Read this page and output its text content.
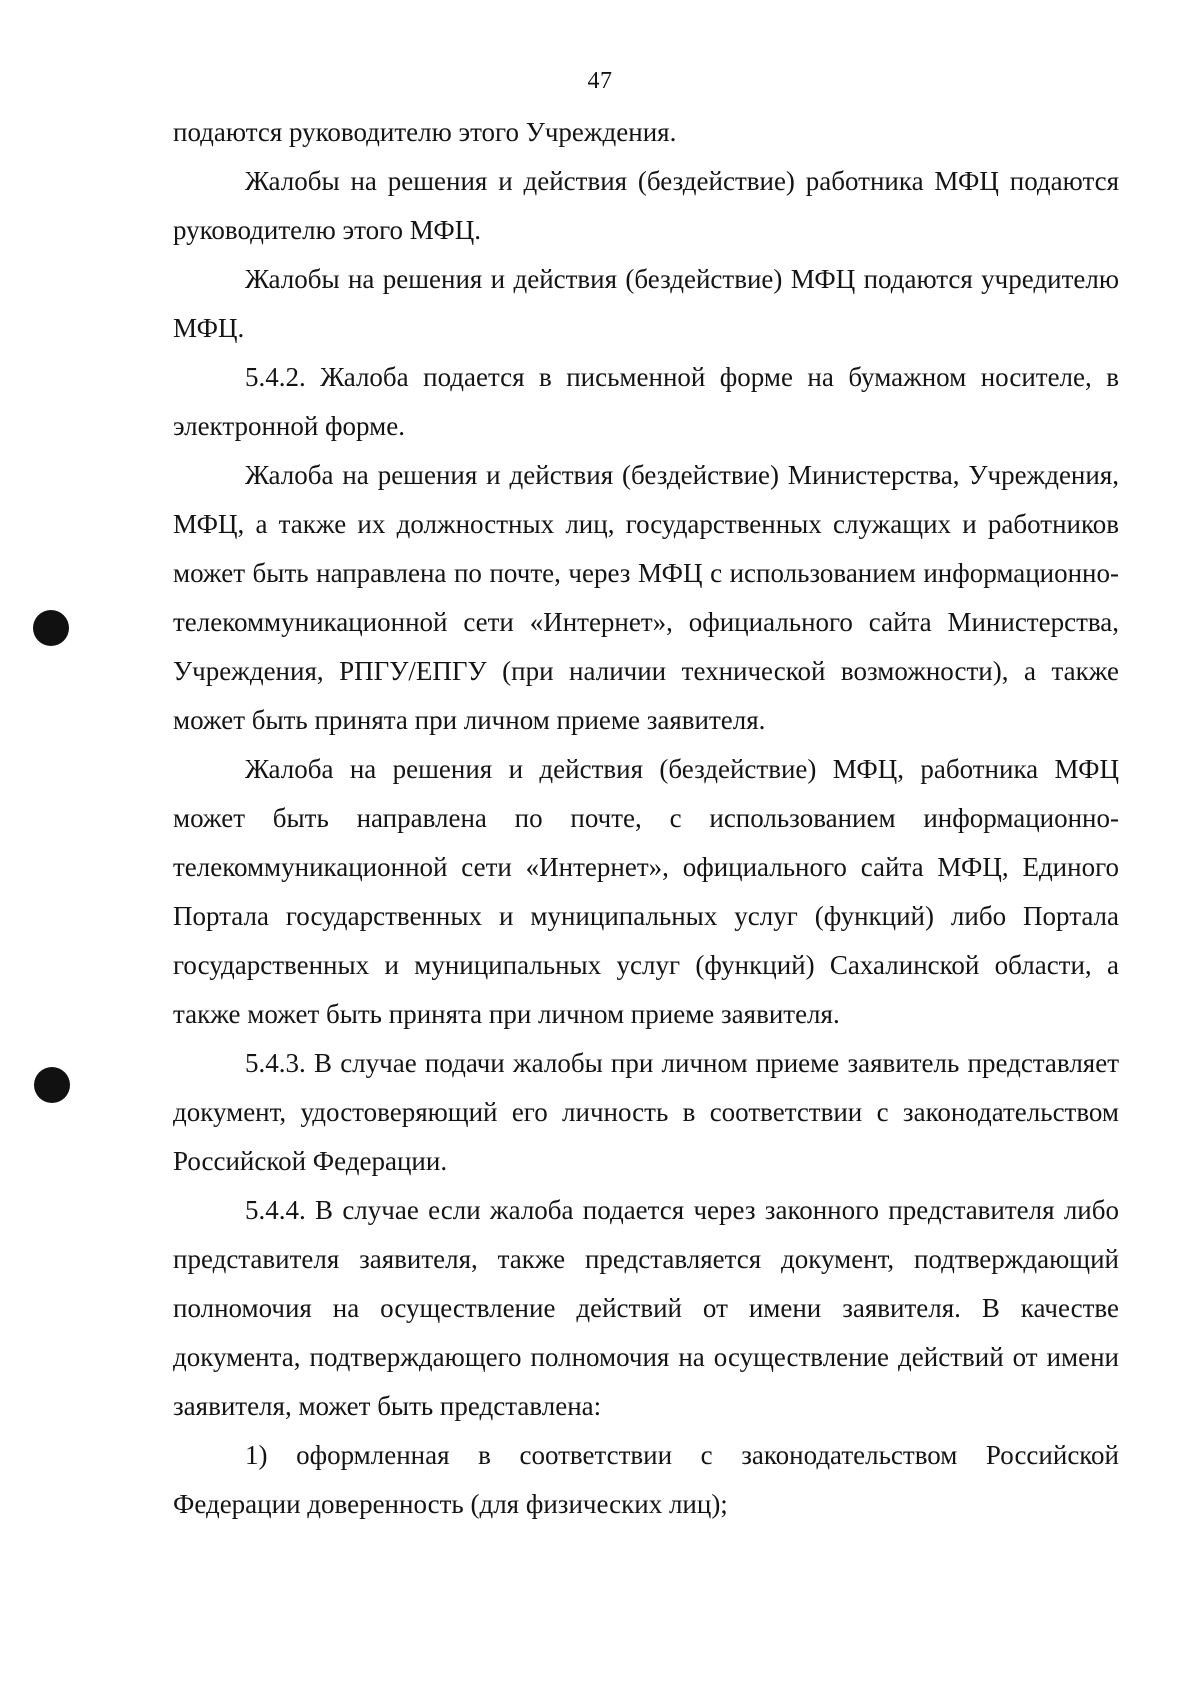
47

подаются руководителю этого Учреждения.

Жалобы на решения и действия (бездействие) работника МФЦ подаются руководителю этого МФЦ.

Жалобы на решения и действия (бездействие) МФЦ подаются учредителю МФЦ.

5.4.2. Жалоба подается в письменной форме на бумажном носителе, в электронной форме.

Жалоба на решения и действия (бездействие) Министерства, Учреждения, МФЦ, а также их должностных лиц, государственных служащих и работников может быть направлена по почте, через МФЦ с использованием информационно-телекоммуникационной сети «Интернет», официального сайта Министерства, Учреждения, РПГУ/ЕПГУ (при наличии технической возможности), а также может быть принята при личном приеме заявителя.

Жалоба на решения и действия (бездействие) МФЦ, работника МФЦ может быть направлена по почте, с использованием информационно-телекоммуникационной сети «Интернет», официального сайта МФЦ, Единого Портала государственных и муниципальных услуг (функций) либо Портала государственных и муниципальных услуг (функций) Сахалинской области, а также может быть принята при личном приеме заявителя.

5.4.3. В случае подачи жалобы при личном приеме заявитель представляет документ, удостоверяющий его личность в соответствии с законодательством Российской Федерации.

5.4.4. В случае если жалоба подается через законного представителя либо представителя заявителя, также представляется документ, подтверждающий полномочия на осуществление действий от имени заявителя. В качестве документа, подтверждающего полномочия на осуществление действий от имени заявителя, может быть представлена:

1) оформленная в соответствии с законодательством Российской Федерации доверенность (для физических лиц);
